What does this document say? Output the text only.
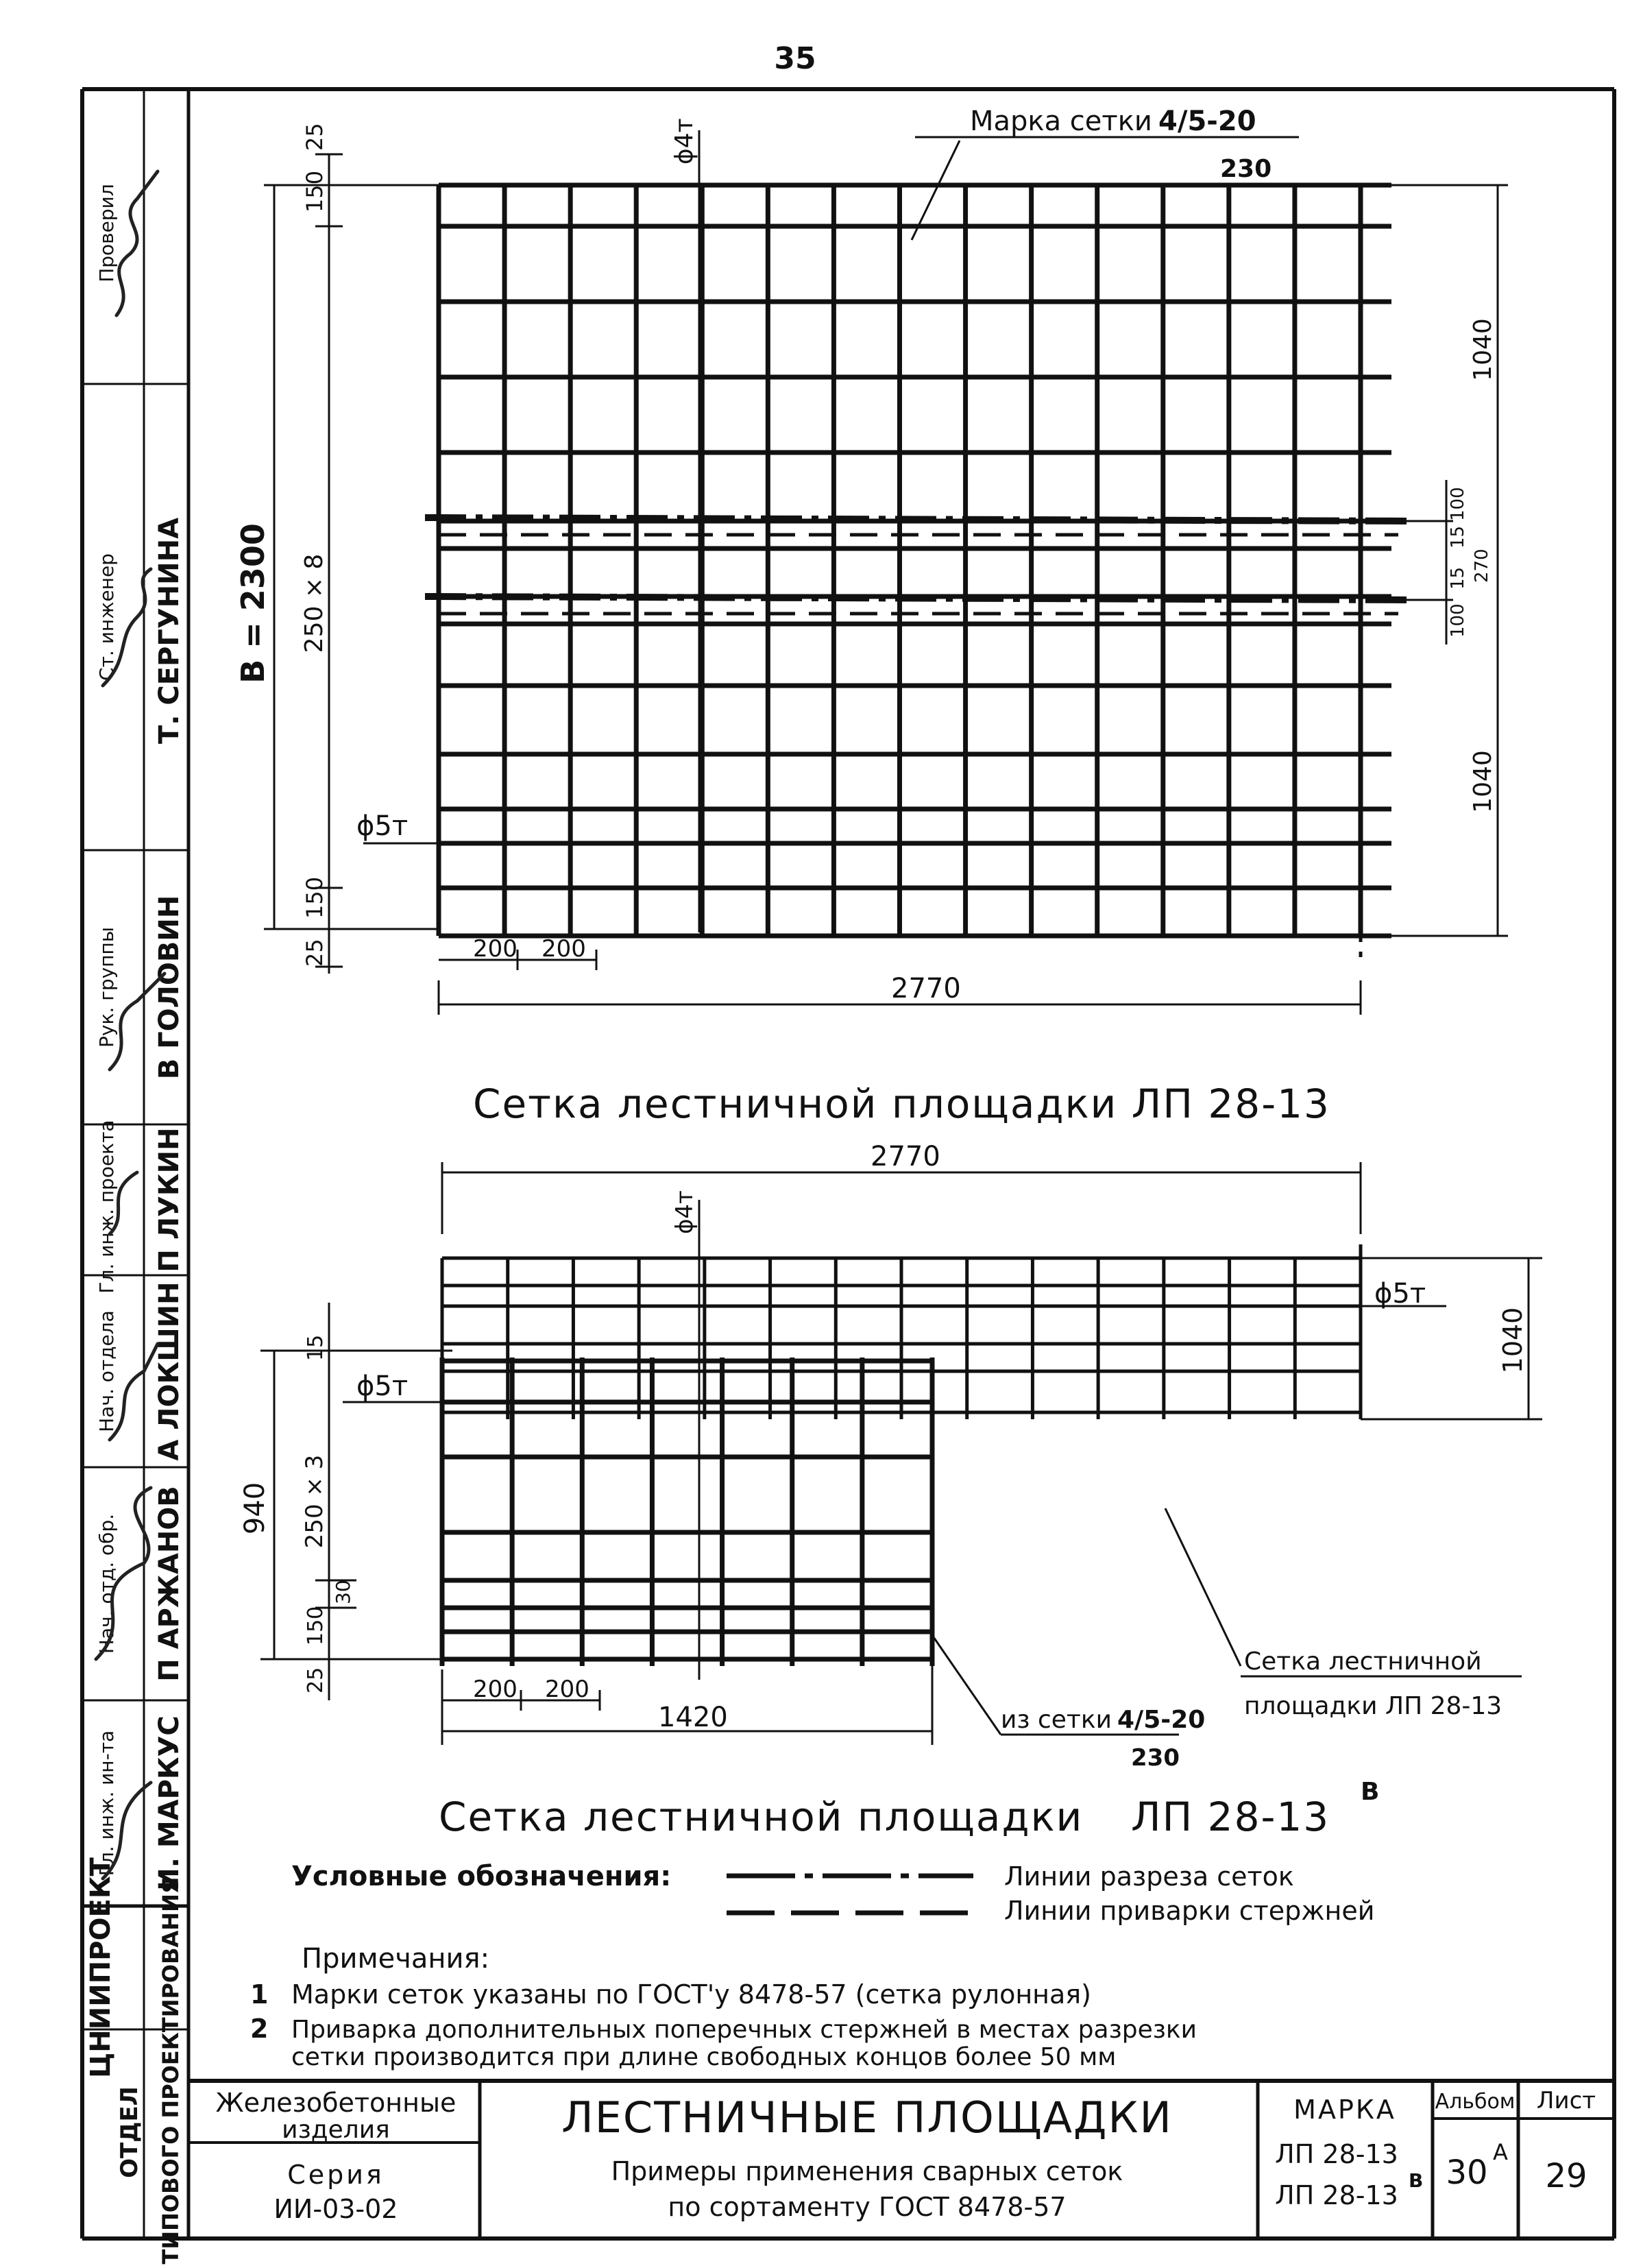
35
Т. СЕРГУНИНА
В ГОЛОВИН
П ЛУКИН
А ЛОКШИН
П АРЖАНОВ
И. МАРКУС
Проверил
Ст. инженер
Рук. группы
Гл. инж. проекта
Нач. отдела
Нач. отд. обр.
Гл. инж. ин-та
ЦНИИПРОЕКТ
ОТДЕЛ ТИПОВОГО ПРОЕКТИРОВАНИЯ
Марка сетки 4/5-20
230
ϕ4т
ϕ5т
В = 2300
25
150
250 × 8
150
25
1040
1040
100
15
270
100
15
200 200
2770
Сетка лестничной площадки ЛП 28-13
2770
ϕ4т
ϕ5т
ϕ5т
15
940 250 × 3
30
150
25	200 200
1420
1040
из сетки 4/5-20
230
Сетка лестничной
площадки ЛП 28-13
Сетка лестничной площадки ЛП 28-13
В
Условные обозначения:	Линии разреза сеток
Линии приварки стержней
Примечания:
1 Марки сеток указаны по ГОСТ'у 8478-57 (сетка рулонная)
2 Приварка дополнительных поперечных стержней в местах разрезки
сетки производится при длине свободных концов более 50 мм
Железобетонные
изделия
Серия
ИИ-03-02
ЛЕСТНИЧНЫЕ ПЛОЩАДКИ
Примеры применения сварных сеток
по сортаменту ГОСТ 8478-57
МАРКА
ЛП 28-13
ЛП 28-13 В
Альбом
30
А
Лист
29
